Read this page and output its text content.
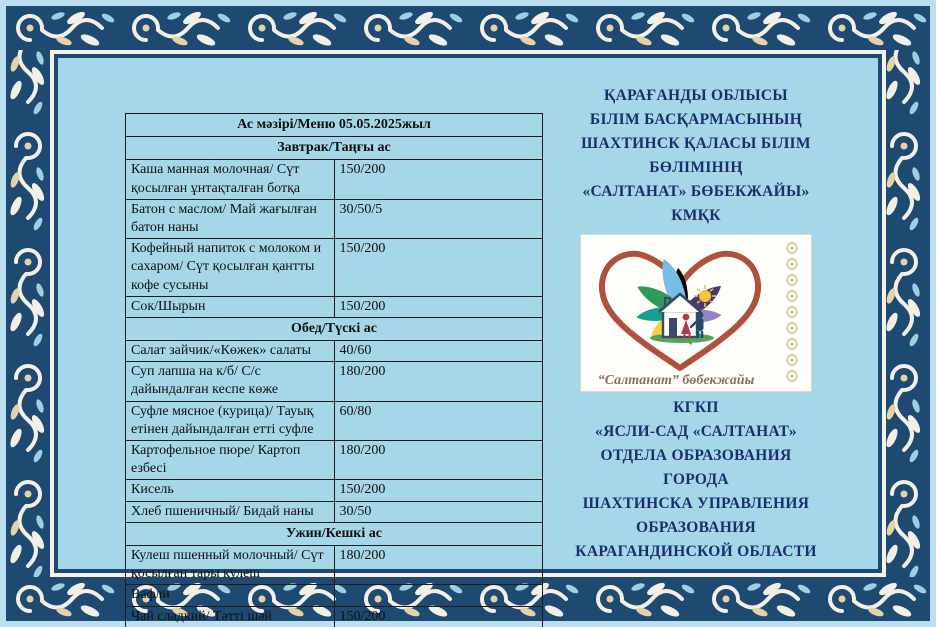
Ас мәзірі/Меню 05.05.2025жыл	
Завтрак/Таңғы ас	
Каша манная молочная/ Сүт қосылған ұнтақталған ботқа	150/200
Батон с маслом/ Май жағылған батон наны	30/50/5
Кофейный напиток с молоком и сахаром/ Сүт қосылған қантты кофе сусыны	150/200
Сок/Шырын	150/200
Обед/Түскі ас	
Салат зайчик/«Көжек» салаты	40/60
Суп лапша на к/б/ С/с дайындалған кеспе көже	180/200
Суфле мясное (курица)/ Тауық етінен дайындалған етті суфле	60/80
Картофельное пюре/ Картоп езбесі	180/200
Кисель	150/200
Хлеб пшеничный/ Бидай наны	30/50
Ужин/Кешкі ас	
Кулеш пшенный молочный/ Сүт қосылған тары кулеш	180/200
Вафли	
Чай сладкий/ Тәтті шәй	150/200
ҚАРАҒАНДЫ ОБЛЫСЫ
БІЛІМ БАСҚАРМАСЫНЫҢ
ШАХТИНСК ҚАЛАСЫ БІЛІМ
БӨЛІМІНІҢ
«САЛТАНАТ» БӨБЕКЖАЙЫ»
КМҚК
“Салтанат” бөбекжайы
КГКП
«ЯСЛИ-САД «САЛТАНАТ»
ОТДЕЛА ОБРАЗОВАНИЯ
ГОРОДА
ШАХТИНСКА УПРАВЛЕНИЯ
ОБРАЗОВАНИЯ
КАРАГАНДИНСКОЙ ОБЛАСТИ
